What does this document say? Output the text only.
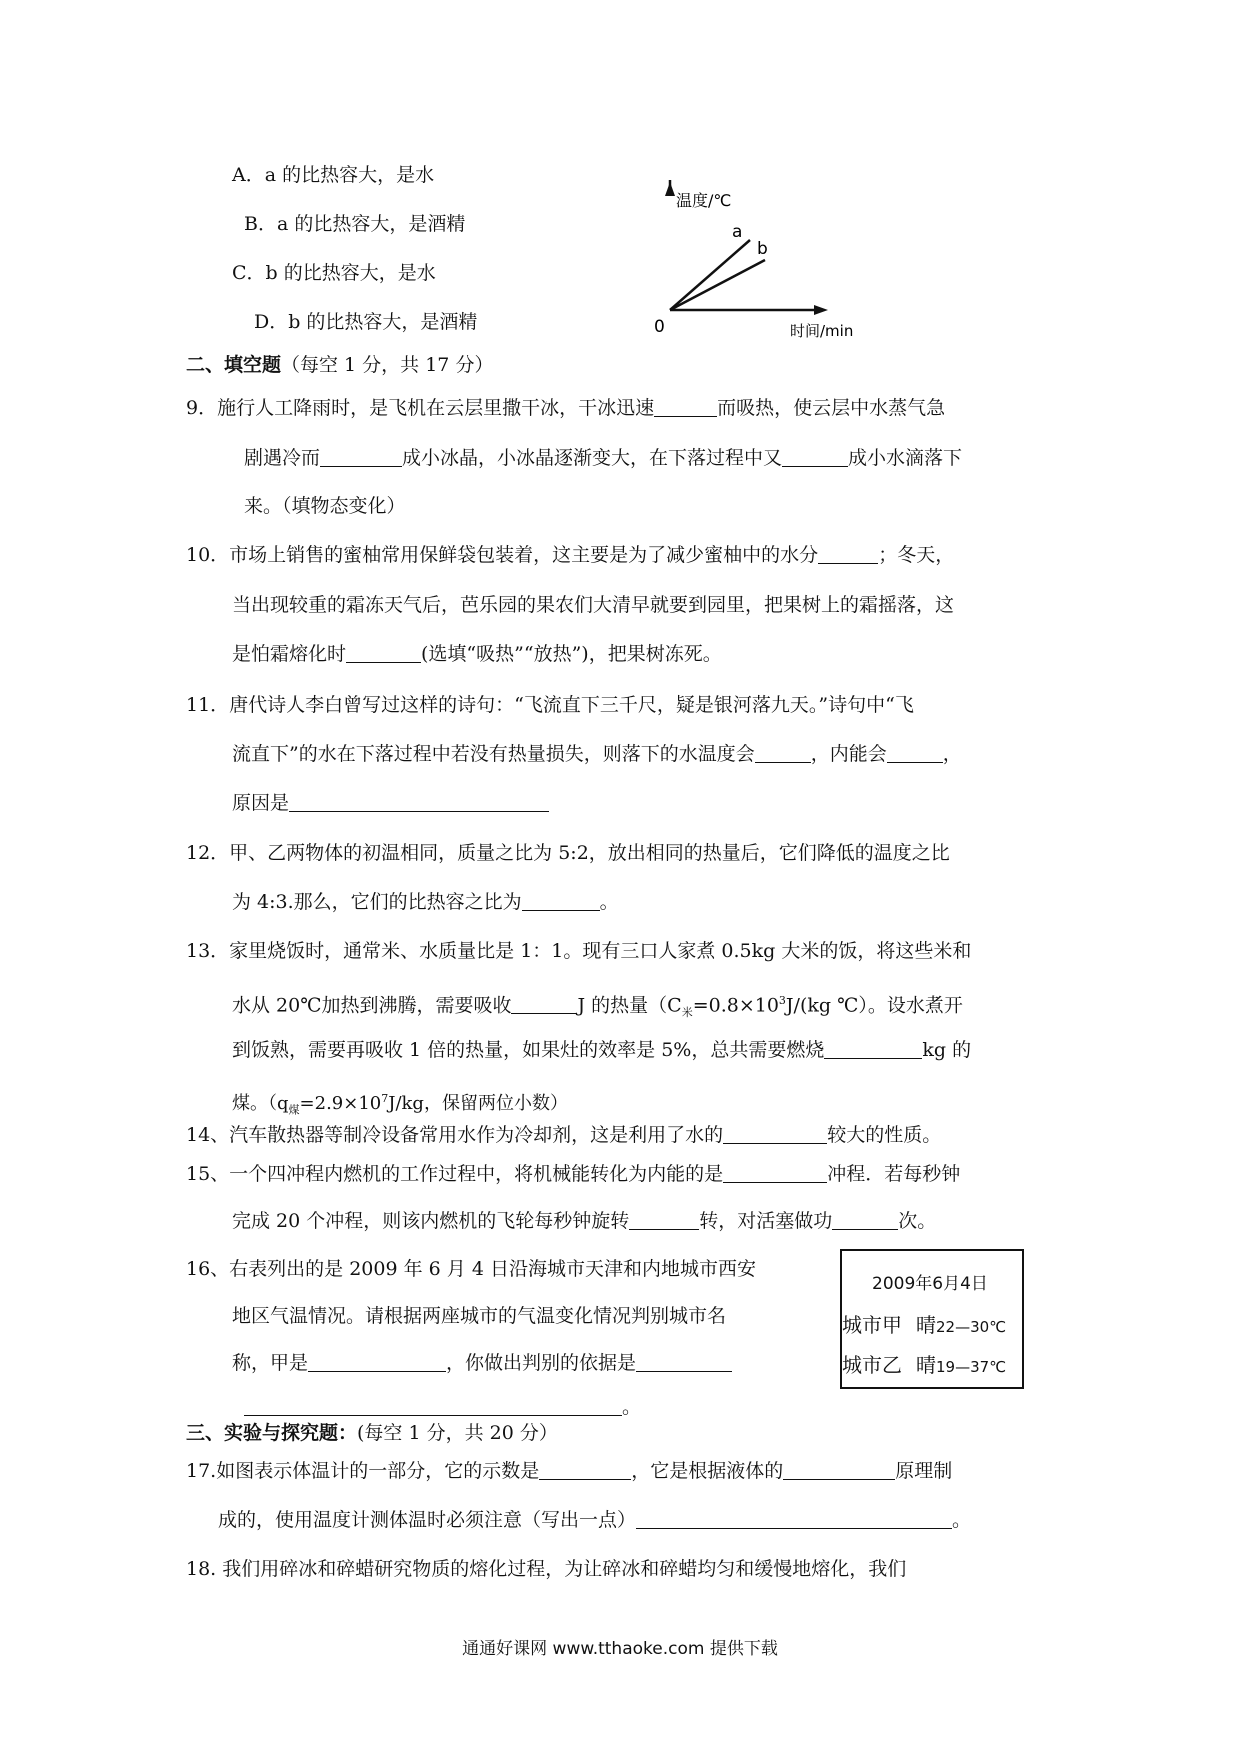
A．a 的比热容大，是水
B．a 的比热容大，是酒精
C．b 的比热容大，是水
D．b 的比热容大，是酒精
温度/℃
a
b
0	时间/min
二、填空题（每空 1 分，共 17 分）
9．施行人工降雨时，是飞机在云层里撒干冰，干冰迅速	而吸热，使云层中水蒸气急
剧遇冷而	成小冰晶，小冰晶逐渐变大，在下落过程中又	成小水滴落下
来。（填物态变化）
10．市场上销售的蜜柚常用保鲜袋包装着，这主要是为了减少蜜柚中的水分	；冬天，
当出现较重的霜冻天气后，芭乐园的果农们大清早就要到园里，把果树上的霜摇落，这
是怕霜熔化时	(选填“吸热”“放热”)，把果树冻死。
11．唐代诗人李白曾写过这样的诗句：“飞流直下三千尺，疑是银河落九天。”诗句中“飞
流直下”的水在下落过程中若没有热量损失，则落下的水温度会	，内能会	，
原因是
12．甲、乙两物体的初温相同，质量之比为 5:2，放出相同的热量后，它们降低的温度之比
为 4:3.那么，它们的比热容之比为	。
13．家里烧饭时，通常米、水质量比是 1：1。现有三口人家煮 0.5kg 大米的饭，将这些米和
水从 20℃加热到沸腾，需要吸收	J 的热量（$C_米=0.8\times 10^3J/(kg$ ℃）。设水煮开
到饭熟，需要再吸收 1 倍的热量，如果灶的效率是 5%，总共需要燃烧	kg 的
煤。（$q_煤=2.9\times 10^7J/kg$，保留两位小数）
14、汽车散热器等制冷设备常用水作为冷却剂，这是利用了水的	较大的性质。
15、一个四冲程内燃机的工作过程中，将机械能转化为内能的是	冲程．若每秒钟
完成 20 个冲程，则该内燃机的飞轮每秒钟旋转	转，对活塞做功	次。
16、右表列出的是 2009 年 6 月 4 日沿海城市天津和内地城市西安
地区气温情况。请根据两座城市的气温变化情况判别城市名
称，甲是	，你做出判别的依据是
。
2009年6月4日
城市甲 晴22—30℃
城市乙 晴19—37℃
三、实验与探究题：(每空 1 分，共 20 分）
17.如图表示体温计的一部分，它的示数是	，它是根据液体的	原理制
成的，使用温度计测体温时必须注意（写出一点）	。
18. 我们用碎冰和碎蜡研究物质的熔化过程，为让碎冰和碎蜡均匀和缓慢地熔化，我们
通通好课网 www.tthaoke.com 提供下载
